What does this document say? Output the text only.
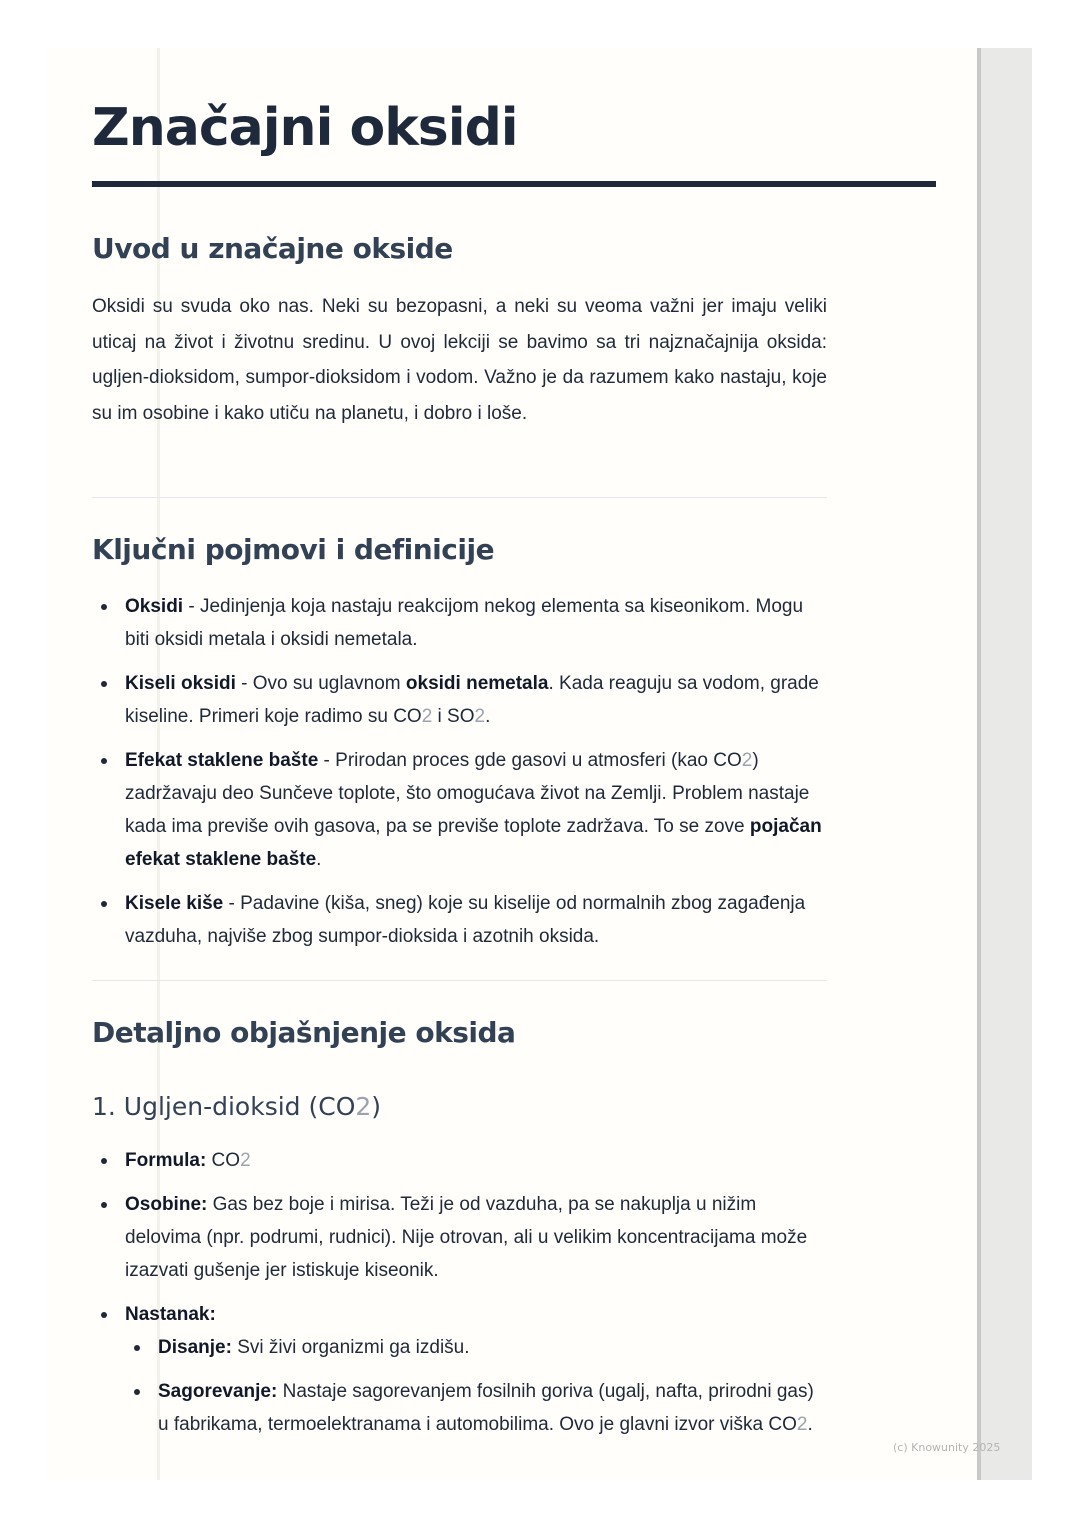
Značajni oksidi
Uvod u značajne okside

Oksidi su svuda oko nas. Neki su bezopasni, a neki su veoma važni jer imaju veliki uticaj na život i životnu sredinu. U ovoj lekciji se bavimo sa tri najznačajnija oksida: ugljen-dioksidom, sumpor-dioksidom i vodom. Važno je da razumem kako nastaju, koje su im osobine i kako utiču na planetu, i dobro i loše.

Ključni pojmovi i definicije
Oksidi - Jedinjenja koja nastaju reakcijom nekog elementa sa kiseonikom. Mogu biti oksidi metala i oksidi nemetala.
Kiseli oksidi - Ovo su uglavnom oksidi nemetala. Kada reaguju sa vodom, grade kiseline. Primeri koje radimo su CO2 i SO2.
Efekat staklene bašte - Prirodan proces gde gasovi u atmosferi (kao CO2) zadržavaju deo Sunčeve toplote, što omogućava život na Zemlji. Problem nastaje kada ima previše ovih gasova, pa se previše toplote zadržava. To se zove pojačan efekat staklene bašte.
Kisele kiše - Padavine (kiša, sneg) koje su kiselije od normalnih zbog zagađenja vazduha, najviše zbog sumpor-dioksida i azotnih oksida.
Detaljno objašnjenje oksida
1. Ugljen-dioksid (CO2)
Formula: CO2
Osobine: Gas bez boje i mirisa. Teži je od vazduha, pa se nakuplja u nižim delovima (npr. podrumi, rudnici). Nije otrovan, ali u velikim koncentracijama može izazvati gušenje jer istiskuje kiseonik.
Nastanak:
Disanje: Svi živi organizmi ga izdišu.
Sagorevanje: Nastaje sagorevanjem fosilnih goriva (ugalj, nafta, prirodni gas) u fabrikama, termoelektranama i automobilima. Ovo je glavni izvor viška CO2.
(c) Knowunity 2025
